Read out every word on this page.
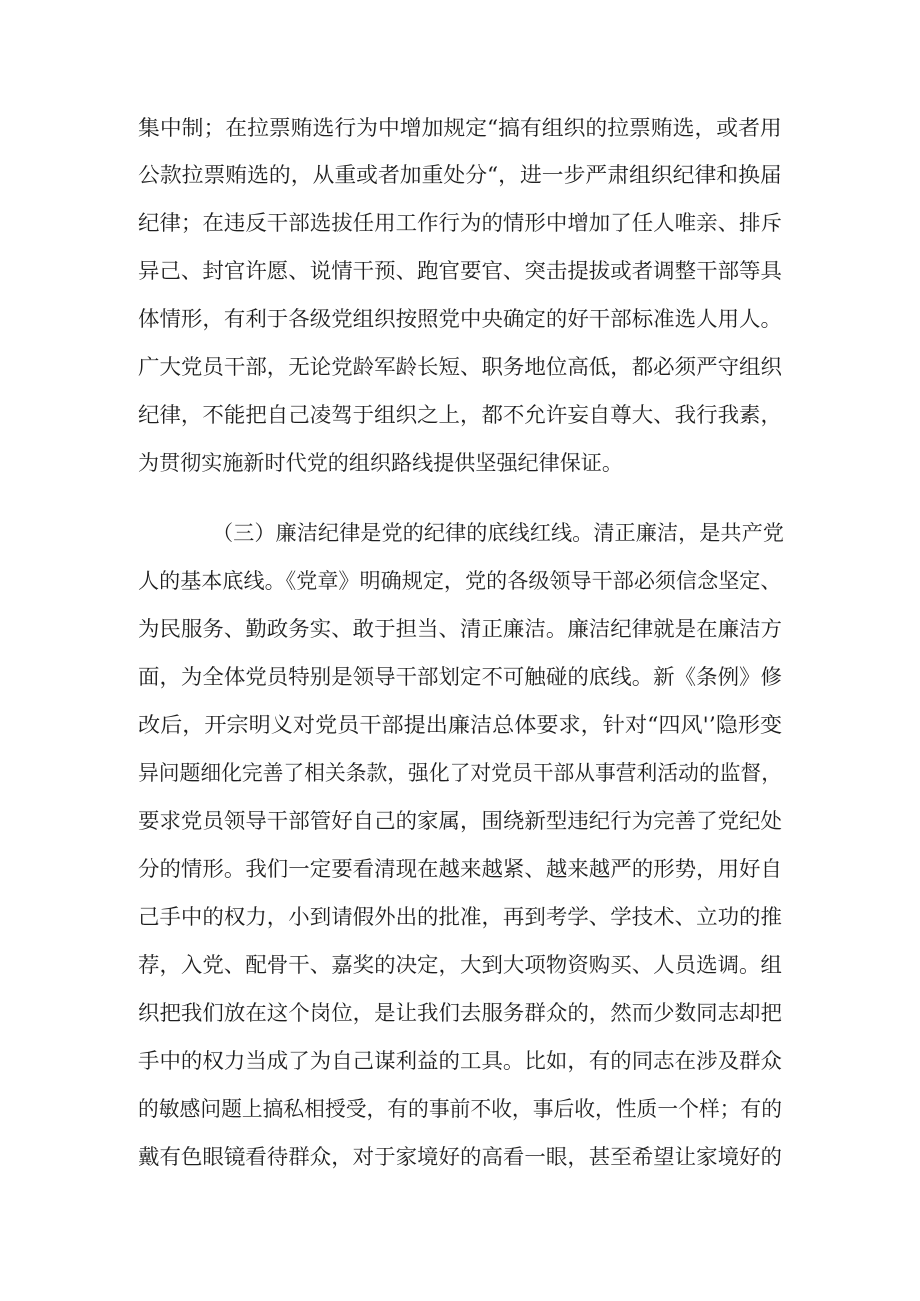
集中制；在拉票贿选行为中增加规定“搞有组织的拉票贿选，或者用

公款拉票贿选的，从重或者加重处分“，进一步严肃组织纪律和换届

纪律；在违反干部选拔任用工作行为的情形中增加了任人唯亲、排斥

异己、封官许愿、说情干预、跑官要官、突击提拔或者调整干部等具

体情形，有利于各级党组织按照党中央确定的好干部标准选人用人。

广大党员干部，无论党龄军龄长短、职务地位高低，都必须严守组织

纪律，不能把自己凌驾于组织之上，都不允许妄自尊大、我行我素，

为贯彻实施新时代党的组织路线提供坚强纪律保证。

（三）廉洁纪律是党的纪律的底线红线。清正廉洁，是共产党

人的基本底线。《党章》明确规定，党的各级领导干部必须信念坚定、

为民服务、勤政务实、敢于担当、清正廉洁。廉洁纪律就是在廉洁方

面，为全体党员特别是领导干部划定不可触碰的底线。新《条例》修

改后，开宗明义对党员干部提出廉洁总体要求，针对“四风'’隐形变

异问题细化完善了相关条款，强化了对党员干部从事营利活动的监督，

要求党员领导干部管好自己的家属，围绕新型违纪行为完善了党纪处

分的情形。我们一定要看清现在越来越紧、越来越严的形势，用好自

己手中的权力，小到请假外出的批准，再到考学、学技术、立功的推

荐，入党、配骨干、嘉奖的决定，大到大项物资购买、人员选调。组

织把我们放在这个岗位，是让我们去服务群众的，然而少数同志却把

手中的权力当成了为自己谋利益的工具。比如，有的同志在涉及群众

的敏感问题上搞私相授受，有的事前不收，事后收，性质一个样；有的

戴有色眼镜看待群众，对于家境好的高看一眼，甚至希望让家境好的
